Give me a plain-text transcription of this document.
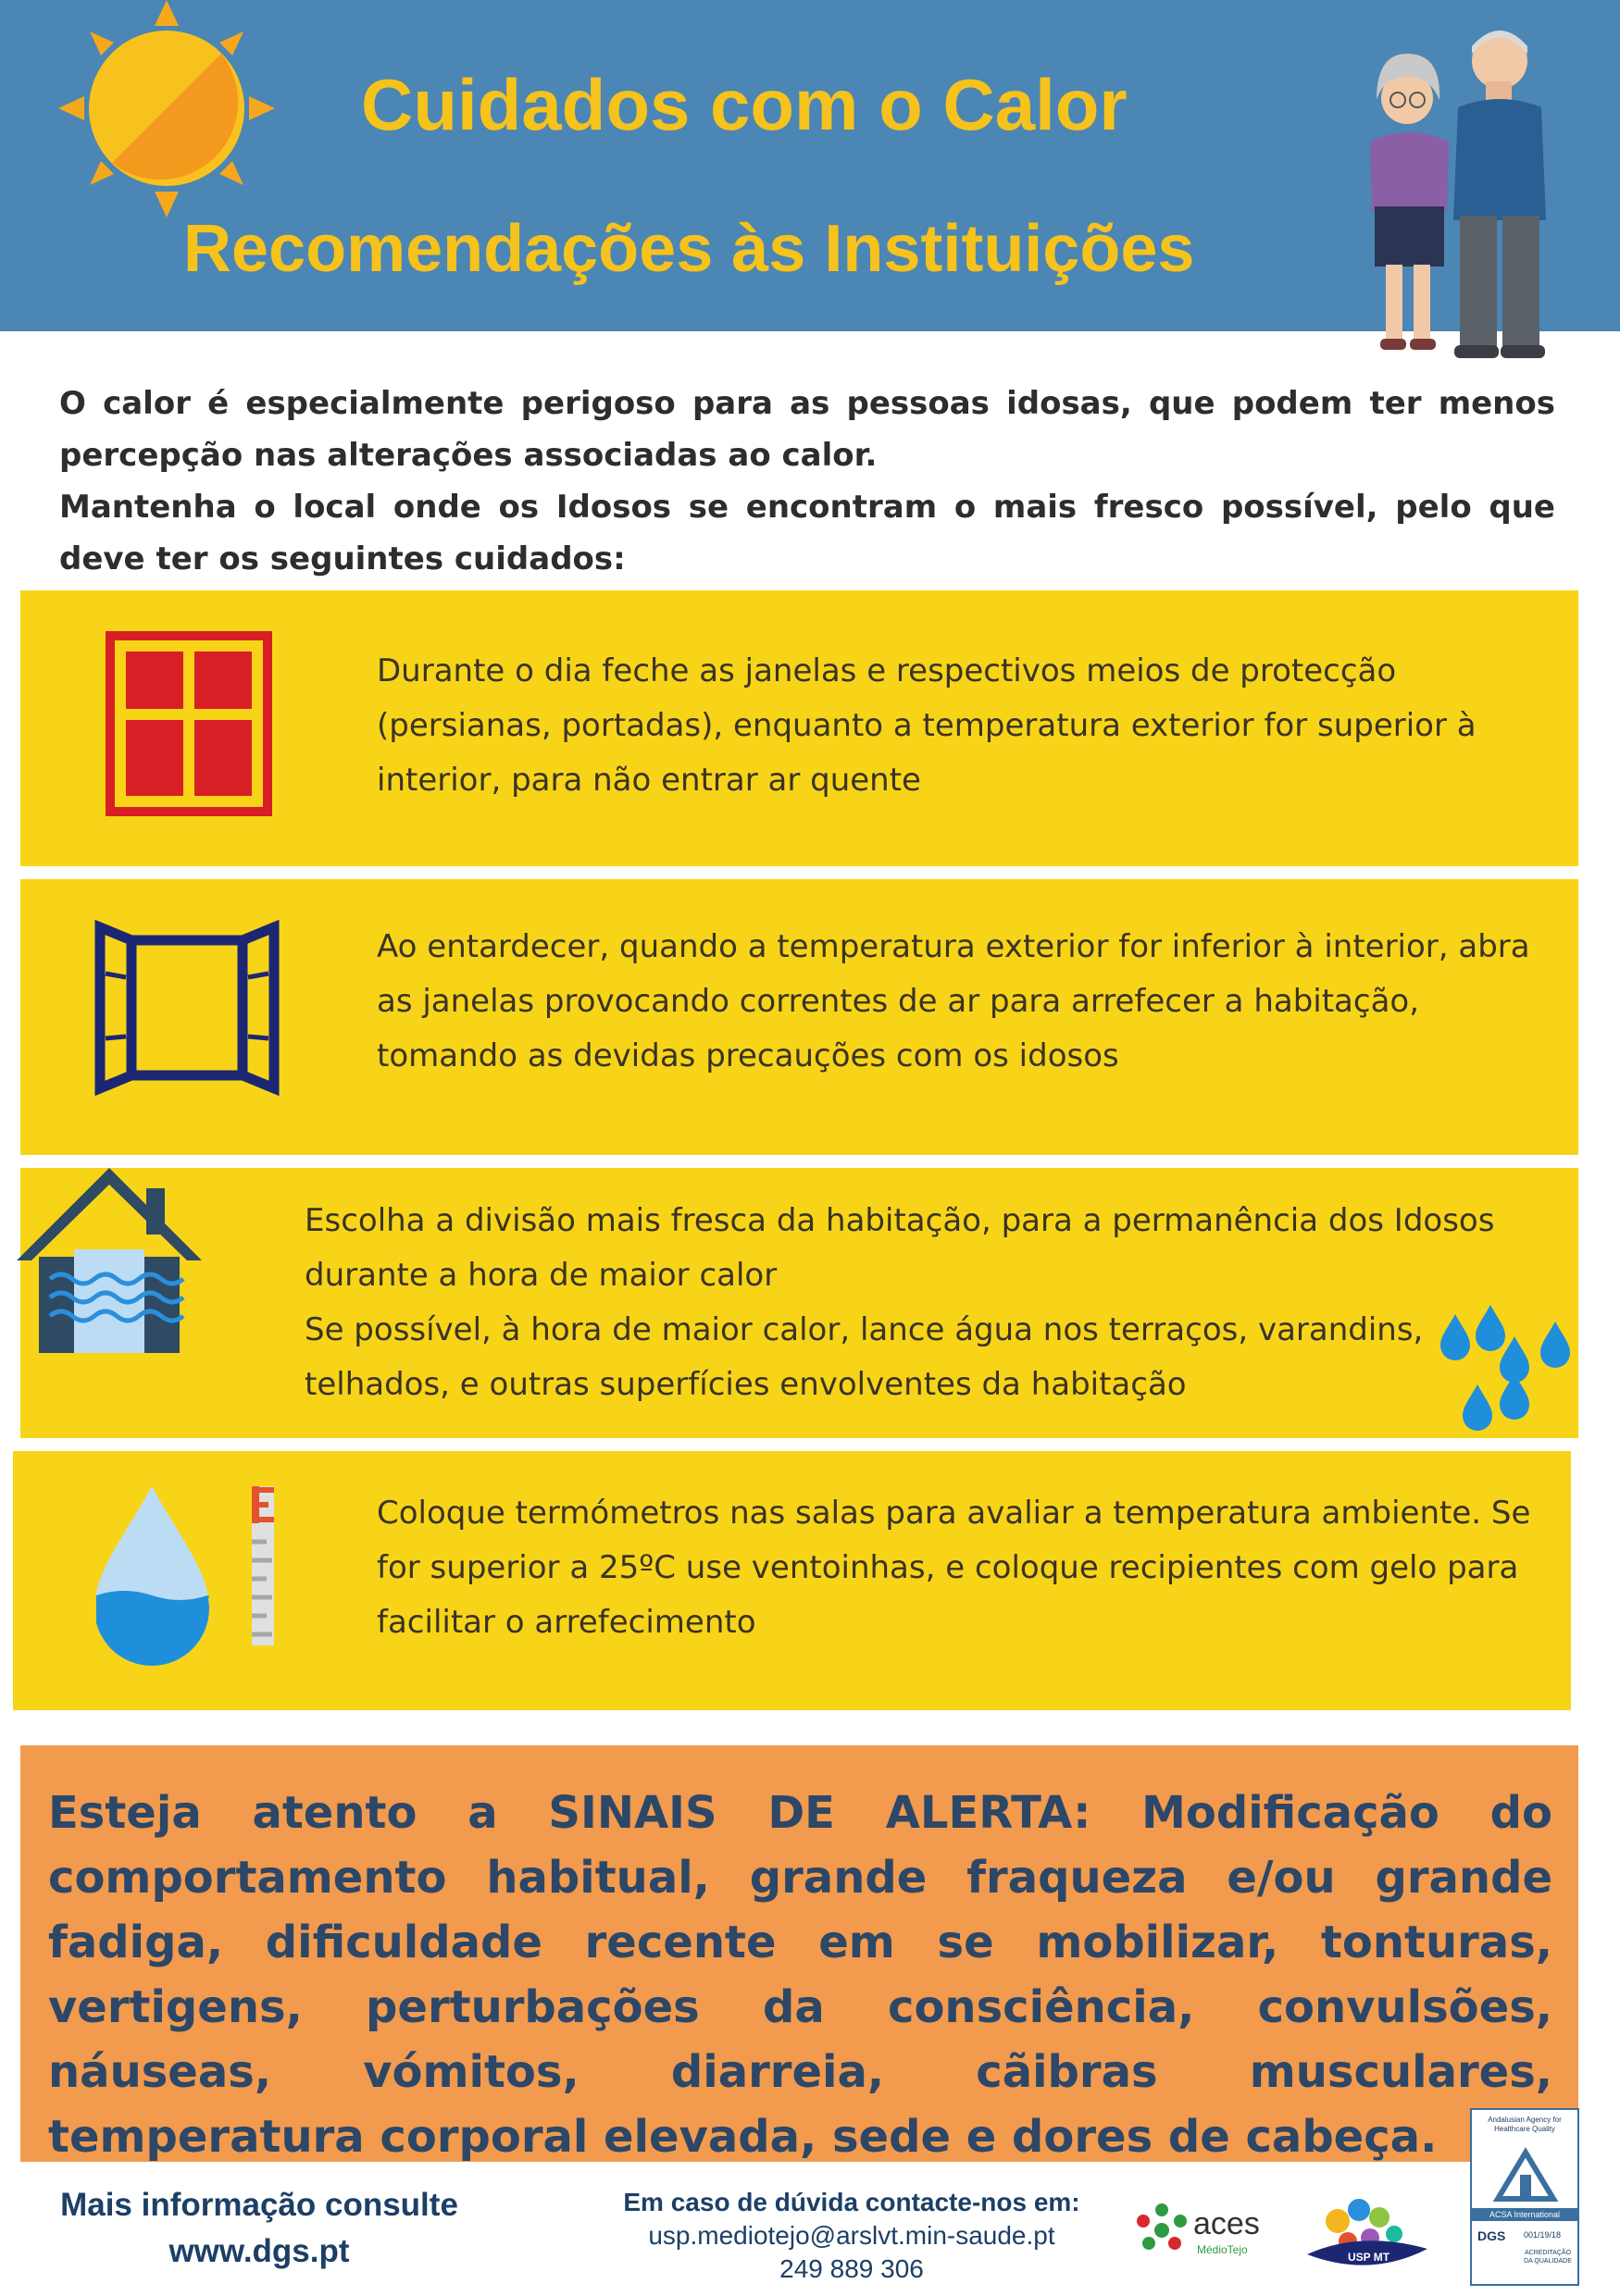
Cuidados com o Calor
Recomendações às Instituições

O calor é especialmente perigoso para as pessoas idosas, que podem ter menos percepção nas alterações associadas ao calor.

Mantenha o local onde os Idosos se encontram o mais fresco possível, pelo que deve ter os seguintes cuidados:

Durante o dia feche as janelas e respectivos meios de protecção (persianas, portadas), enquanto a temperatura exterior for superior à interior, para não entrar ar quente
Ao entardecer, quando a temperatura exterior for inferior à interior, abra as janelas provocando correntes de ar para arrefecer a habitação, tomando as devidas precauções com os idosos

Escolha a divisão mais fresca da habitação, para a permanência dos Idosos durante a hora de maior calor

Se possível, à hora de maior calor, lance água nos terraços, varandins, telhados, e outras superfícies envolventes da habitação

Coloque termómetros nas salas para avaliar a temperatura ambiente. Se for superior a 25ºC use ventoinhas, e coloque recipientes com gelo para facilitar o arrefecimento

Esteja atento a SINAIS DE ALERTA: Modificação do comportamento habitual, grande fraqueza e/ou grande fadiga, dificuldade recente em se mobilizar, tonturas, vertigens, perturbações da consciência, convulsões, náuseas, vómitos, diarreia, cãibras musculares, temperatura corporal elevada, sede e dores de cabeça.

Mais informação consulte
www.dgs.pt
Em caso de dúvida contacte-nos em:
usp.mediotejo@arslvt.min-saude.pt
249 889 306
aces
MédioTejo
USP MT
Andalusian Agency for Healthcare Quality
ACSA International
DGS 001/19/18
ACREDITAÇÃO DA QUALIDADE
